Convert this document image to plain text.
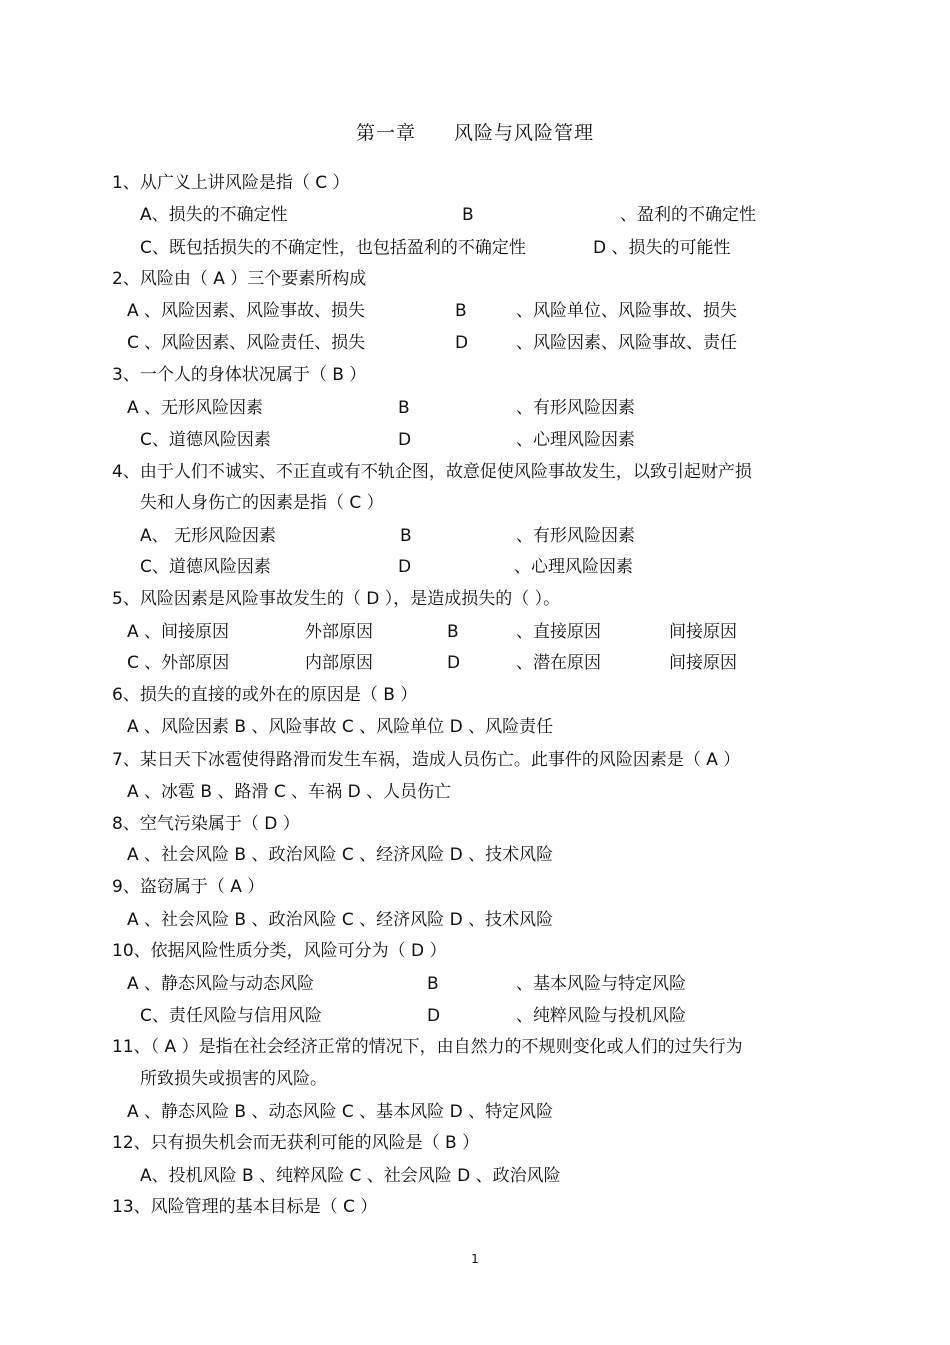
第一章 风险与风险管理
1、从广义上讲风险是指（ C ）
A、损失的不确定性	B	、盈利的不确定性
C、既包括损失的不确定性，也包括盈利的不确定性	D 、损失的可能性
2、风险由（ A ）三个要素所构成
A 、风险因素、风险事故、损失	B	、风险单位、风险事故、损失
C 、风险因素、风险责任、损失	D	、风险因素、风险事故、责任
3、一个人的身体状况属于（ B ）
A 、无形风险因素	B	、有形风险因素
C、道德风险因素	D	、心理风险因素
4、由于人们不诚实、不正直或有不轨企图，故意促使风险事故发生，以致引起财产损
失和人身伤亡的因素是指（ C ）
A、 无形风险因素	B	、有形风险因素
C、道德风险因素	D	、心理风险因素
5、风险因素是风险事故发生的（ D ），是造成损失的（ ）。
A 、间接原因	外部原因	B	、直接原因	间接原因
C 、外部原因	内部原因	D	、潜在原因	间接原因
6、损失的直接的或外在的原因是（ B ）
A 、风险因素 B 、风险事故 C 、风险单位 D 、风险责任
7、某日天下冰雹使得路滑而发生车祸，造成人员伤亡。此事件的风险因素是（ A ）
A 、冰雹 B 、路滑 C 、车祸 D 、人员伤亡
8、空气污染属于（ D ）
A 、社会风险 B 、政治风险 C 、经济风险 D 、技术风险
9、盗窃属于（ A ）
A 、社会风险 B 、政治风险 C 、经济风险 D 、技术风险
10、依据风险性质分类，风险可分为（ D ）
A 、静态风险与动态风险	B	、基本风险与特定风险
C、责任风险与信用风险	D	、纯粹风险与投机风险
11、（ A ）是指在社会经济正常的情况下，由自然力的不规则变化或人们的过失行为
所致损失或损害的风险。
A 、静态风险 B 、动态风险 C 、基本风险 D 、特定风险
12、只有损失机会而无获利可能的风险是（ B ）
A、投机风险 B 、纯粹风险 C 、社会风险 D 、政治风险
13、风险管理的基本目标是（ C ）
1
